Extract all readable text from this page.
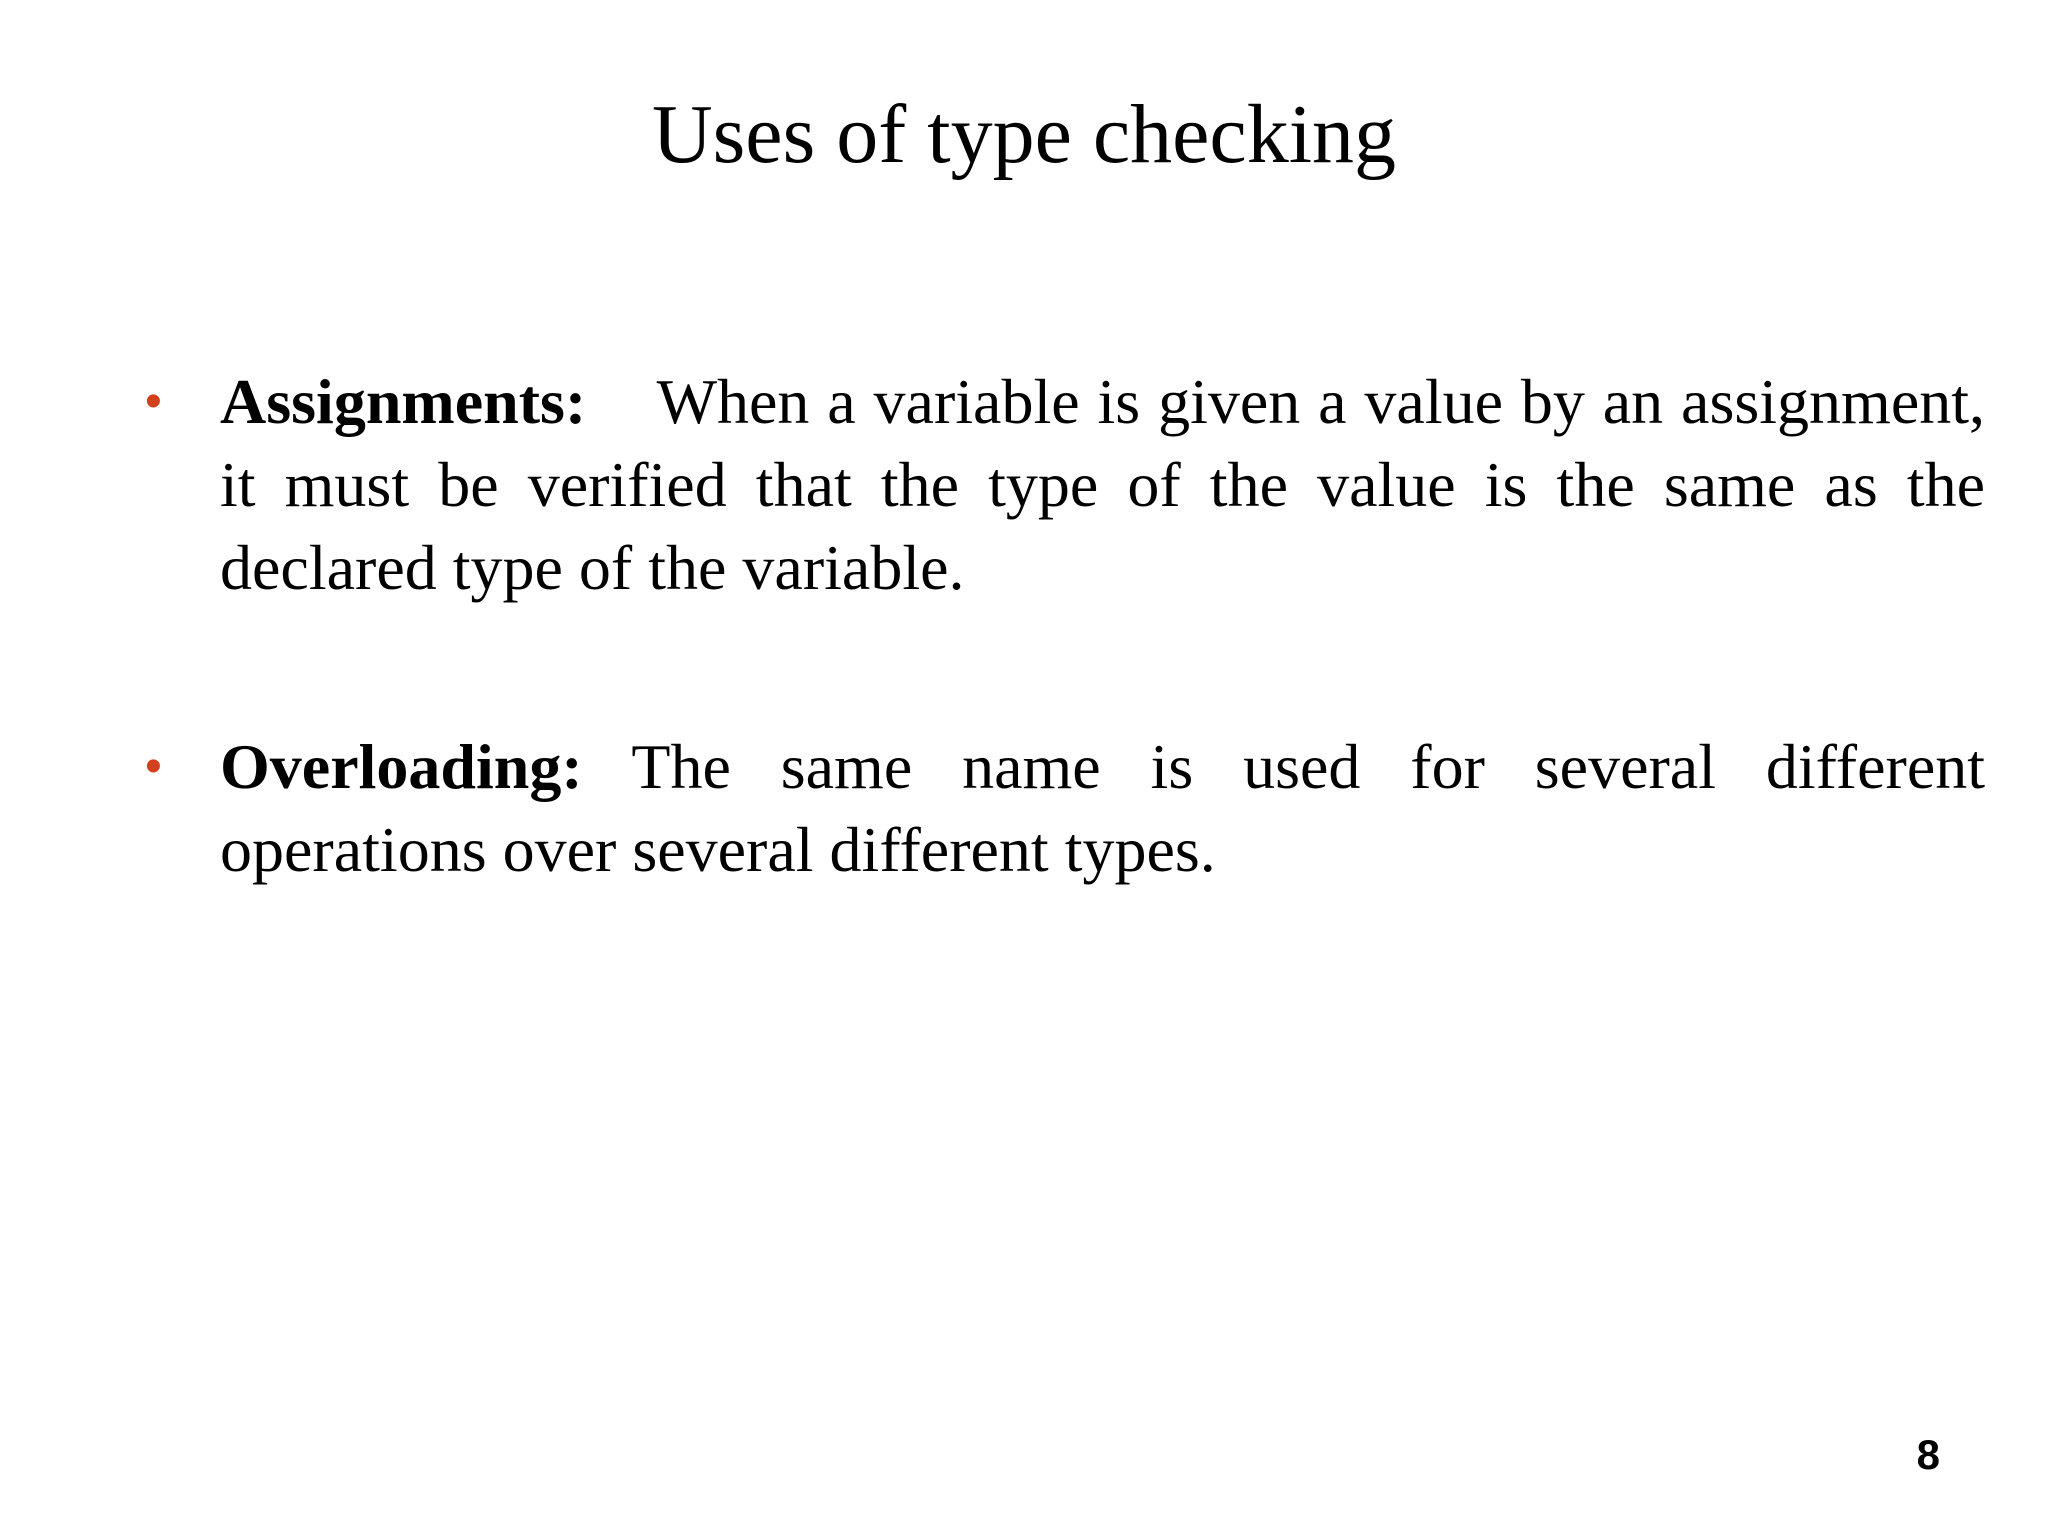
Uses of type checking

• Assignments: When a variable is given a value by an assignment, it must be verified that the type of the value is the same as the declared type of the variable.

• Overloading: The same name is used for several different operations over several different types.

8
